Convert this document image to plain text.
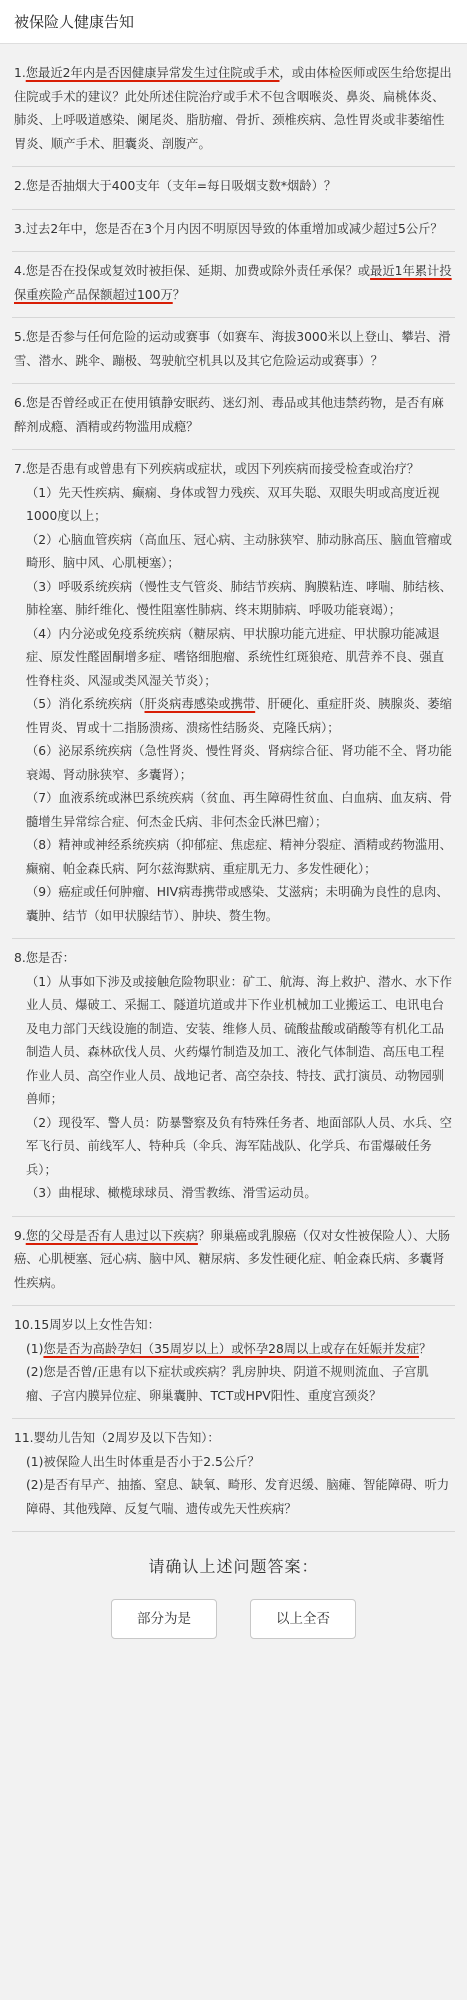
被保险人健康告知

1.您最近2年内是否因健康异常发生过住院或手术，或由体检医师或医生给您提出住院或手术的建议？此处所述住院治疗或手术不包含咽喉炎、鼻炎、扁桃体炎、肺炎、上呼吸道感染、阑尾炎、脂肪瘤、骨折、颈椎疾病、急性胃炎或非萎缩性胃炎、顺产手术、胆囊炎、剖腹产。

2.您是否抽烟大于400支年（支年=每日吸烟支数*烟龄）？

3.过去2年中，您是否在3个月内因不明原因导致的体重增加或减少超过5公斤？

4.您是否在投保或复效时被拒保、延期、加费或除外责任承保？或最近1年累计投保重疾险产品保额超过100万？

5.您是否参与任何危险的运动或赛事（如赛车、海拔3000米以上登山、攀岩、滑雪、潜水、跳伞、蹦极、驾驶航空机具以及其它危险运动或赛事）？

6.您是否曾经或正在使用镇静安眠药、迷幻剂、毒品或其他违禁药物，是否有麻醉剂成瘾、酒精或药物滥用成瘾？

7.您是否患有或曾患有下列疾病或症状，或因下列疾病而接受检查或治疗？

（1）先天性疾病、癫痫、身体或智力残疾、双耳失聪、双眼失明或高度近视1000度以上；

（2）心脑血管疾病（高血压、冠心病、主动脉狭窄、肺动脉高压、脑血管瘤或畸形、脑中风、心肌梗塞）；

（3）呼吸系统疾病（慢性支气管炎、肺结节疾病、胸膜粘连、哮喘、肺结核、肺栓塞、肺纤维化、慢性阻塞性肺病、终末期肺病、呼吸功能衰竭）；

（4）内分泌或免疫系统疾病（糖尿病、甲状腺功能亢进症、甲状腺功能减退症、原发性醛固酮增多症、嗜铬细胞瘤、系统性红斑狼疮、肌营养不良、强直性脊柱炎、风湿或类风湿关节炎）；

（5）消化系统疾病（肝炎病毒感染或携带、肝硬化、重症肝炎、胰腺炎、萎缩性胃炎、胃或十二指肠溃疡、溃疡性结肠炎、克隆氏病）；

（6）泌尿系统疾病（急性肾炎、慢性肾炎、肾病综合征、肾功能不全、肾功能衰竭、肾动脉狭窄、多囊肾）；

（7）血液系统或淋巴系统疾病（贫血、再生障碍性贫血、白血病、血友病、骨髓增生异常综合症、何杰金氏病、非何杰金氏淋巴瘤）；

（8）精神或神经系统疾病（抑郁症、焦虑症、精神分裂症、酒精或药物滥用、癫痫、帕金森氏病、阿尔兹海默病、重症肌无力、多发性硬化）；

（9）癌症或任何肿瘤、HIV病毒携带或感染、艾滋病；未明确为良性的息肉、囊肿、结节（如甲状腺结节）、肿块、赘生物。

8.您是否：

（1）从事如下涉及或接触危险物职业：矿工、航海、海上救护、潜水、水下作业人员、爆破工、采掘工、隧道坑道或井下作业机械加工业搬运工、电讯电台及电力部门天线设施的制造、安装、维修人员、硫酸盐酸或硝酸等有机化工品制造人员、森林砍伐人员、火药爆竹制造及加工、液化气体制造、高压电工程作业人员、高空作业人员、战地记者、高空杂技、特技、武打演员、动物园驯兽师；

（2）现役军、警人员：防暴警察及负有特殊任务者、地面部队人员、水兵、空军飞行员、前线军人、特种兵（伞兵、海军陆战队、化学兵、布雷爆破任务兵）；

（3）曲棍球、橄榄球球员、滑雪教练、滑雪运动员。

9.您的父母是否有人患过以下疾病？卵巢癌或乳腺癌（仅对女性被保险人）、大肠癌、心肌梗塞、冠心病、脑中风、糖尿病、多发性硬化症、帕金森氏病、多囊肾性疾病。

10.15周岁以上女性告知：

(1)您是否为高龄孕妇（35周岁以上）或怀孕28周以上或存在妊娠并发症？

(2)您是否曾/正患有以下症状或疾病？乳房肿块、阴道不规则流血、子宫肌瘤、子宫内膜异位症、卵巢囊肿、TCT或HPV阳性、重度宫颈炎？

11.婴幼儿告知（2周岁及以下告知）：

(1)被保险人出生时体重是否小于2.5公斤？

(2)是否有早产、抽搐、窒息、缺氧、畸形、发育迟缓、脑瘫、智能障碍、听力障碍、其他残障、反复气喘、遗传或先天性疾病？

请确认上述问题答案：
部分为是	以上全否
